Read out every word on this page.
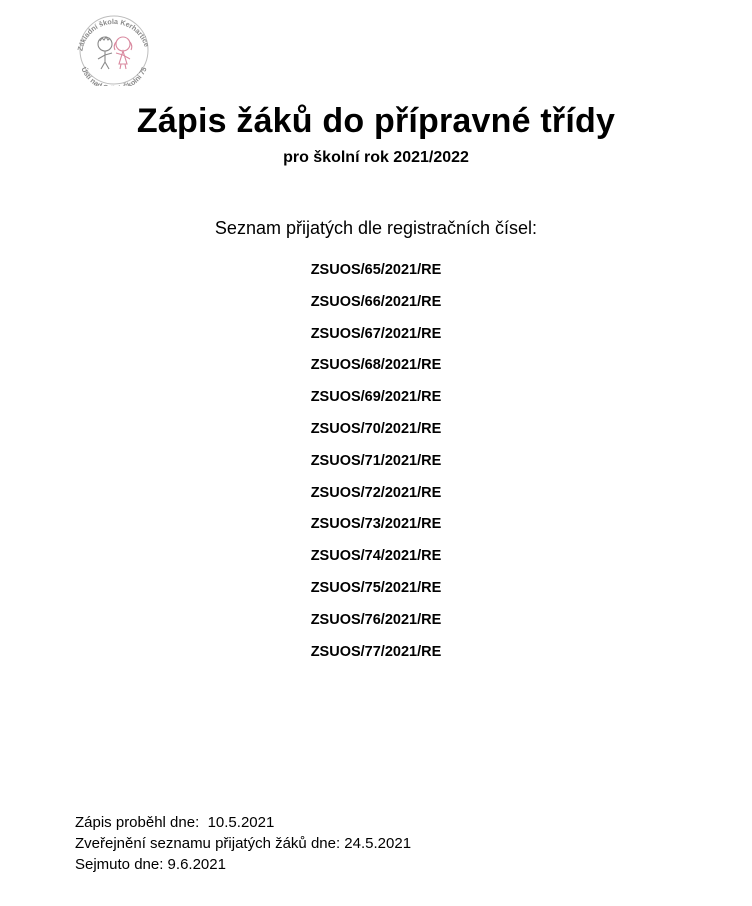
Základní škola Kerhartice
Ústí nad kolní 75
Zápis žáků do přípravné třídy
pro školní rok 2021/2022
Seznam přijatých dle registračních čísel:
ZSUOS/65/2021/RE
ZSUOS/66/2021/RE
ZSUOS/67/2021/RE
ZSUOS/68/2021/RE
ZSUOS/69/2021/RE
ZSUOS/70/2021/RE
ZSUOS/71/2021/RE
ZSUOS/72/2021/RE
ZSUOS/73/2021/RE
ZSUOS/74/2021/RE
ZSUOS/75/2021/RE
ZSUOS/76/2021/RE
ZSUOS/77/2021/RE
Zápis proběhl dne:  10.5.2021
Zveřejnění seznamu přijatých žáků dne: 24.5.2021
Sejmuto dne: 9.6.2021
